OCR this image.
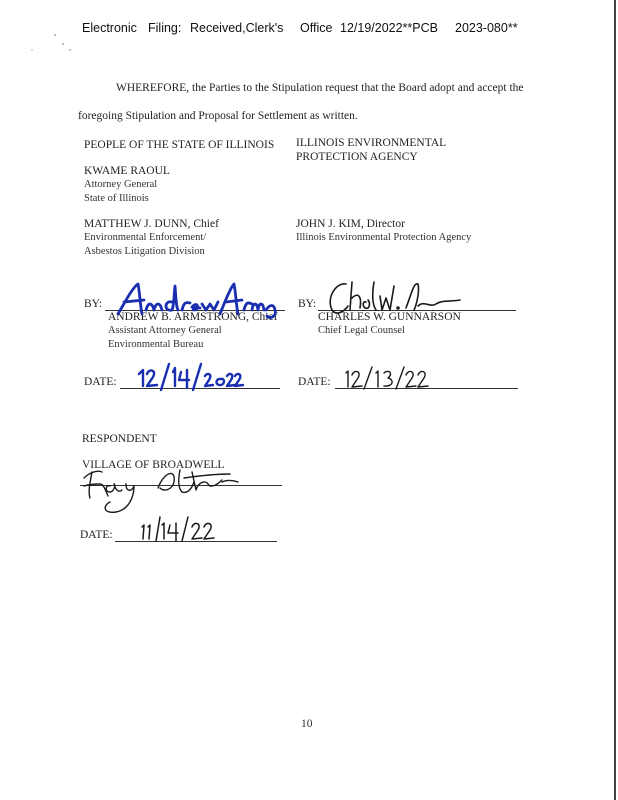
Electronic Filing: Received,Clerk's Office 12/19/2022**PCB 2023-080**
WHEREFORE, the Parties to the Stipulation request that the Board adopt and accept the
foregoing Stipulation and Proposal for Settlement as written.
PEOPLE OF THE STATE OF ILLINOIS
KWAME RAOUL
Attorney General
State of Illinois
MATTHEW J. DUNN, Chief
Environmental Enforcement/
Asbestos Litigation Division
BY:
ANDREW B. ARMSTRONG, Chief
Assistant Attorney General
Environmental Bureau
DATE:
ILLINOIS ENVIRONMENTAL
PROTECTION AGENCY
JOHN J. KIM, Director
Illinois Environmental Protection Agency
BY:
CHARLES W. GUNNARSON
Chief Legal Counsel
DATE:
RESPONDENT
VILLAGE OF BROADWELL
DATE:
10
